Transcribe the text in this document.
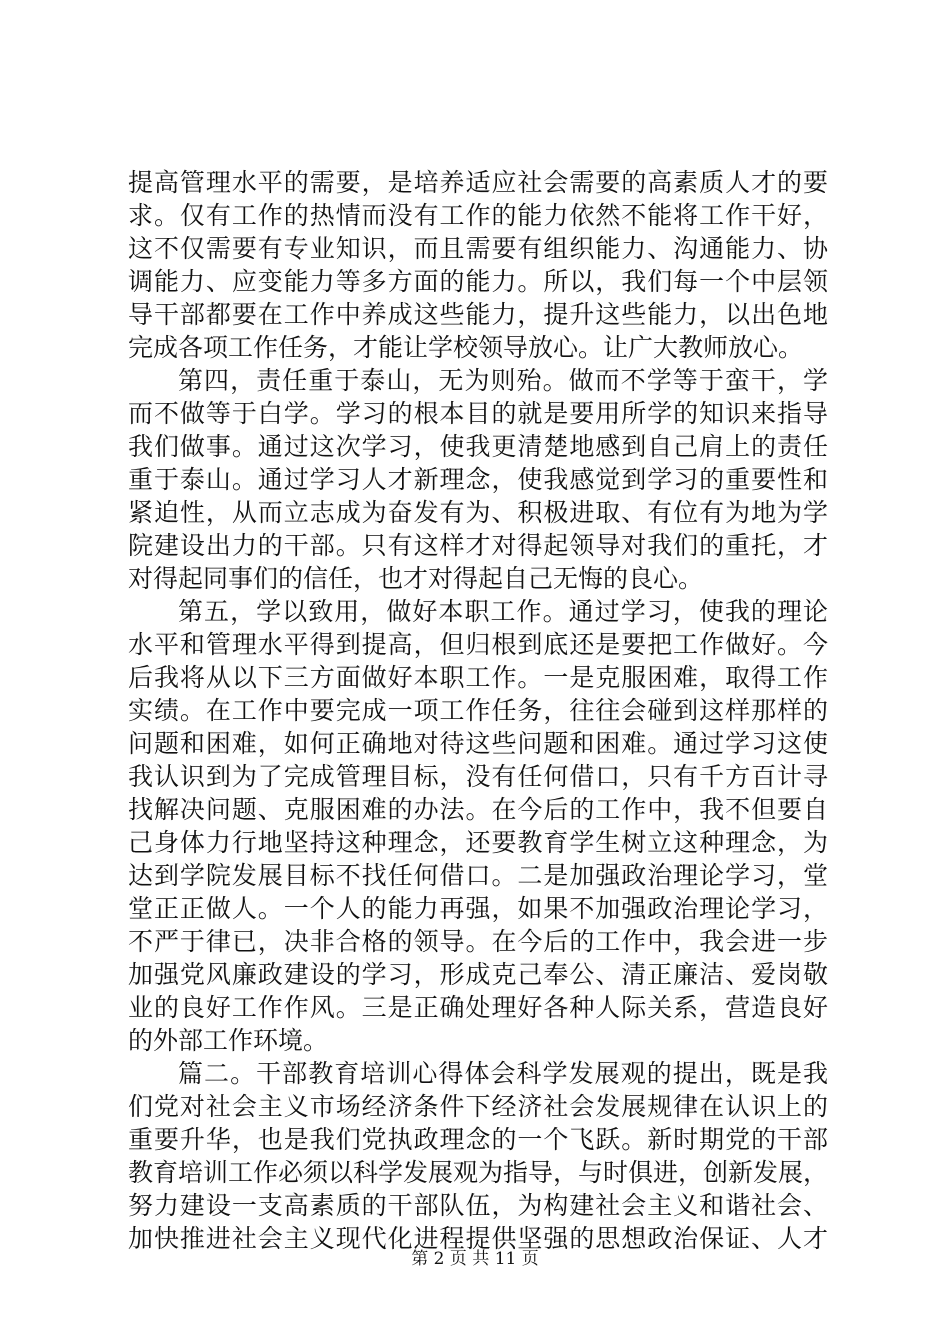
提高管理水平的需要，是培养适应社会需要的高素质人才的要
求。仅有工作的热情而没有工作的能力依然不能将工作干好，
这不仅需要有专业知识，而且需要有组织能力、沟通能力、协
调能力、应变能力等多方面的能力。所以，我们每一个中层领
导干部都要在工作中养成这些能力，提升这些能力，以出色地
完成各项工作任务，才能让学校领导放心。让广大教师放心。
第四，责任重于泰山，无为则殆。做而不学等于蛮干，学
而不做等于白学。学习的根本目的就是要用所学的知识来指导
我们做事。通过这次学习，使我更清楚地感到自己肩上的责任
重于泰山。通过学习人才新理念，使我感觉到学习的重要性和
紧迫性，从而立志成为奋发有为、积极进取、有位有为地为学
院建设出力的干部。只有这样才对得起领导对我们的重托，才
对得起同事们的信任，也才对得起自己无悔的良心。
第五，学以致用，做好本职工作。通过学习，使我的理论
水平和管理水平得到提高，但归根到底还是要把工作做好。今
后我将从以下三方面做好本职工作。一是克服困难，取得工作
实绩。在工作中要完成一项工作任务，往往会碰到这样那样的
问题和困难，如何正确地对待这些问题和困难。通过学习这使
我认识到为了完成管理目标，没有任何借口，只有千方百计寻
找解决问题、克服困难的办法。在今后的工作中，我不但要自
己身体力行地坚持这种理念，还要教育学生树立这种理念，为
达到学院发展目标不找任何借口。二是加强政治理论学习，堂
堂正正做人。一个人的能力再强，如果不加强政治理论学习，
不严于律已，决非合格的领导。在今后的工作中，我会进一步
加强党风廉政建设的学习，形成克己奉公、清正廉洁、爱岗敬
业的良好工作作风。三是正确处理好各种人际关系，营造良好
的外部工作环境。
篇二。干部教育培训心得体会科学发展观的提出，既是我
们党对社会主义市场经济条件下经济社会发展规律在认识上的
重要升华，也是我们党执政理念的一个飞跃。新时期党的干部
教育培训工作必须以科学发展观为指导，与时俱进，创新发展，
努力建设一支高素质的干部队伍，为构建社会主义和谐社会、
加快推进社会主义现代化进程提供坚强的思想政治保证、人才
第 2 页 共 11 页
